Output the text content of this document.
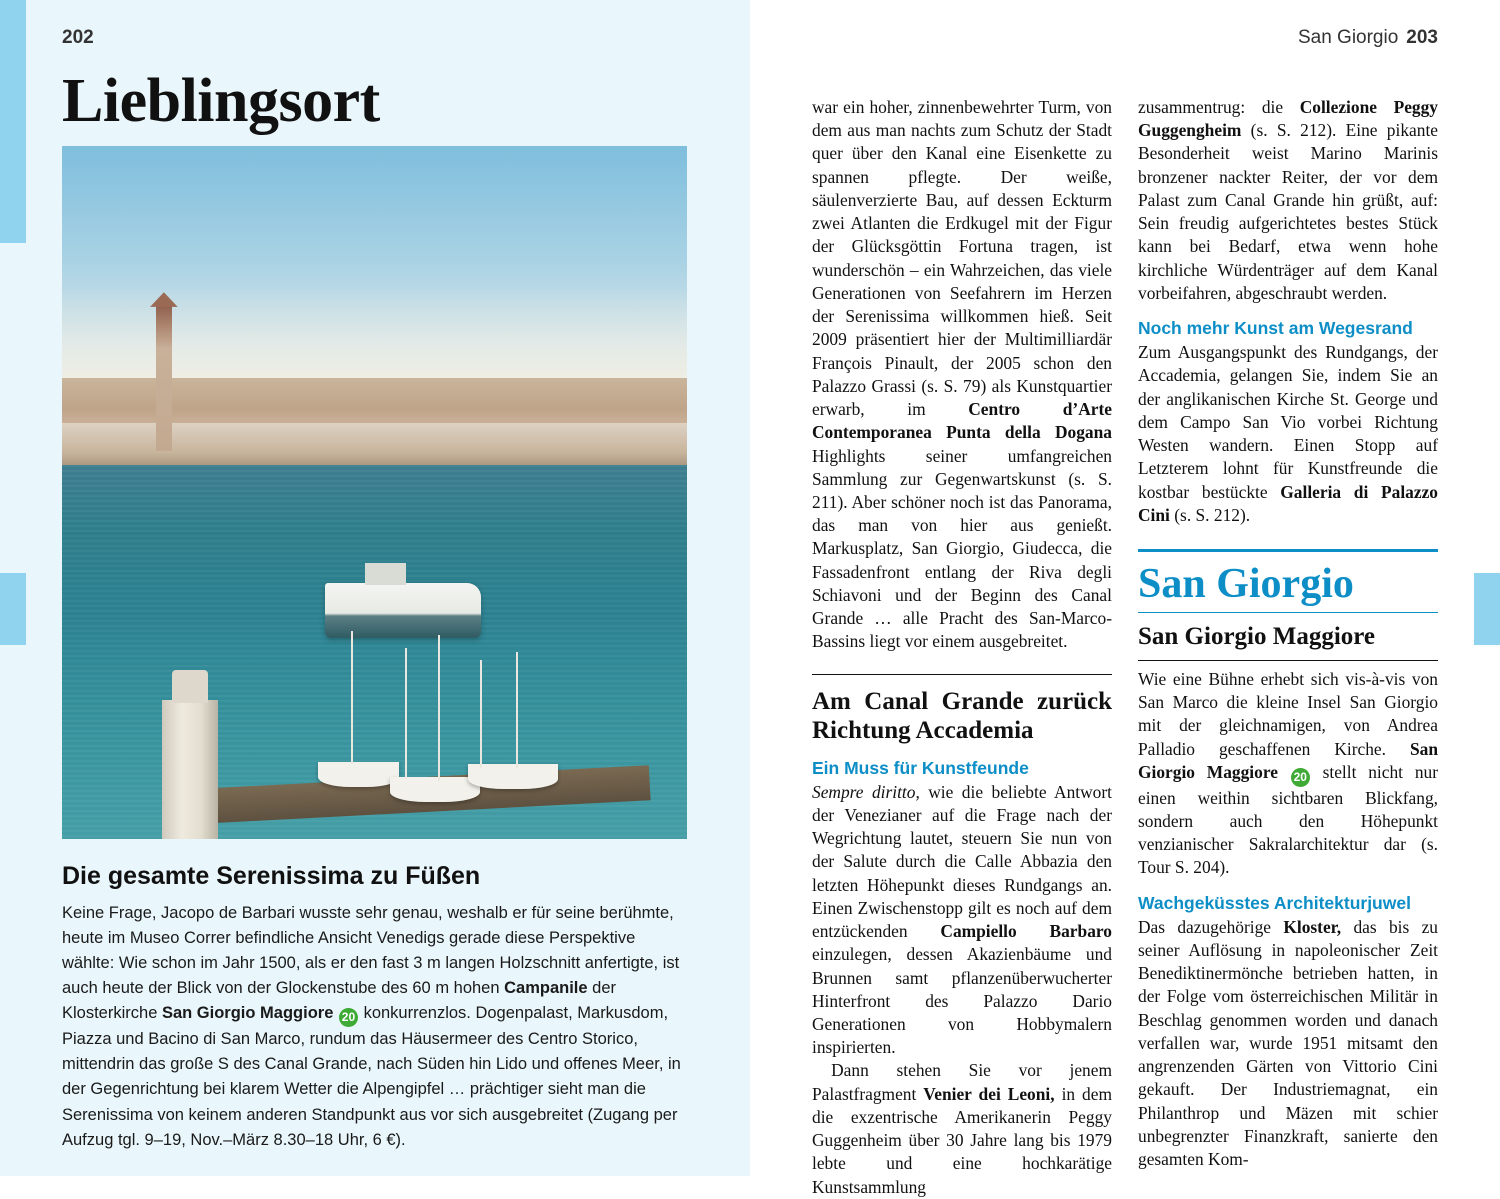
202	San Giorgio 203
Lieblingsort
Die gesamte Serenissima zu Füßen
Keine Frage, Jacopo de Barbari wusste sehr genau, weshalb er für seine berühmte, heute im Museo Correr befindliche Ansicht Venedigs gerade diese Perspektive wählte: Wie schon im Jahr 1500, als er den fast 3 m langen Holzschnitt anfertigte, ist auch heute der Blick von der Glockenstube des 60 m hohen Campanile der Klosterkirche San Giorgio Maggiore 20 konkurrenzlos. Dogenpalast, Markusdom, Piazza und Bacino di San Marco, rundum das Häusermeer des Centro Storico, mittendrin das große S des Canal Grande, nach Süden hin Lido und offenes Meer, in der Gegenrichtung bei klarem Wetter die Alpengipfel … prächtiger sieht man die Serenissima von keinem anderen Standpunkt aus vor sich ausgebreitet (Zugang per Aufzug tgl. 9–19, Nov.–März 8.30–18 Uhr, 6 €).

war ein hoher, zinnenbewehrter Turm, von dem aus man nachts zum Schutz der Stadt quer über den Kanal eine Eisenkette zu spannen pflegte. Der weiße, säulenverzierte Bau, auf dessen Eckturm zwei Atlanten die Erdkugel mit der Figur der Glücksgöttin Fortuna tragen, ist wunderschön – ein Wahrzeichen, das viele Generationen von Seefahrern im Herzen der Serenissima willkommen hieß. Seit 2009 präsentiert hier der Multimilliardär François Pinault, der 2005 schon den Palazzo Grassi (s. S. 79) als Kunstquartier erwarb, im Centro d’Arte Contemporanea Punta della Dogana Highlights seiner umfangreichen Sammlung zur Gegenwartskunst (s. S. 211). Aber schöner noch ist das Panorama, das man von hier aus genießt. Markusplatz, San Giorgio, Giudecca, die Fassadenfront entlang der Riva degli Schiavoni und der Beginn des Canal Grande … alle Pracht des San-Marco-Bassins liegt vor einem ausgebreitet.

Am Canal Grande zurück Richtung Accademia
Ein Muss für Kunstfeunde

Sempre diritto, wie die beliebte Antwort der Venezianer auf die Frage nach der Wegrichtung lautet, steuern Sie nun von der Salute durch die Calle Abbazia den letzten Höhepunkt dieses Rundgangs an. Einen Zwischenstopp gilt es noch auf dem entzückenden Campiello Barbaro einzulegen, dessen Akazienbäume und Brunnen samt pflanzenüberwucherter Hinterfront des Palazzo Dario Generationen von Hobbymalern inspirierten.

Dann stehen Sie vor jenem Palastfragment Venier dei Leoni, in dem die exzentrische Amerikanerin Peggy Guggenheim über 30 Jahre lang bis 1979 lebte und eine hochkarätige Kunstsammlung

zusammentrug: die Collezione Peggy Guggengheim (s. S. 212). Eine pikante Besonderheit weist Marino Marinis bronzener nackter Reiter, der vor dem Palast zum Canal Grande hin grüßt, auf: Sein freudig aufgerichtetes bestes Stück kann bei Bedarf, etwa wenn hohe kirchliche Würdenträger auf dem Kanal vorbeifahren, abgeschraubt werden.

Noch mehr Kunst am Wegesrand

Zum Ausgangspunkt des Rundgangs, der Accademia, gelangen Sie, indem Sie an der anglikanischen Kirche St. George und dem Campo San Vio vorbei Richtung Westen wandern. Einen Stopp auf Letzterem lohnt für Kunstfreunde die kostbar bestückte Galleria di Palazzo Cini (s. S. 212).

San Giorgio
San Giorgio Maggiore

Wie eine Bühne erhebt sich vis-à-vis von San Marco die kleine Insel San Giorgio mit der gleichnamigen, von Andrea Palladio geschaffenen Kirche. San Giorgio Maggiore 20 stellt nicht nur einen weithin sichtbaren Blickfang, sondern auch den Höhepunkt venzianischer Sakralarchitektur dar (s. Tour S. 204).

Wachgeküsstes Architekturjuwel

Das dazugehörige Kloster, das bis zu seiner Auflösung in napoleonischer Zeit Benediktinermönche betrieben hatten, in der Folge vom österreichischen Militär in Beschlag genommen worden und danach verfallen war, wurde 1951 mitsamt den angrenzenden Gärten von Vittorio Cini gekauft. Der Industriemagnat, ein Philanthrop und Mäzen mit schier unbegrenzter Finanzkraft, sanierte den gesamten Kom-
